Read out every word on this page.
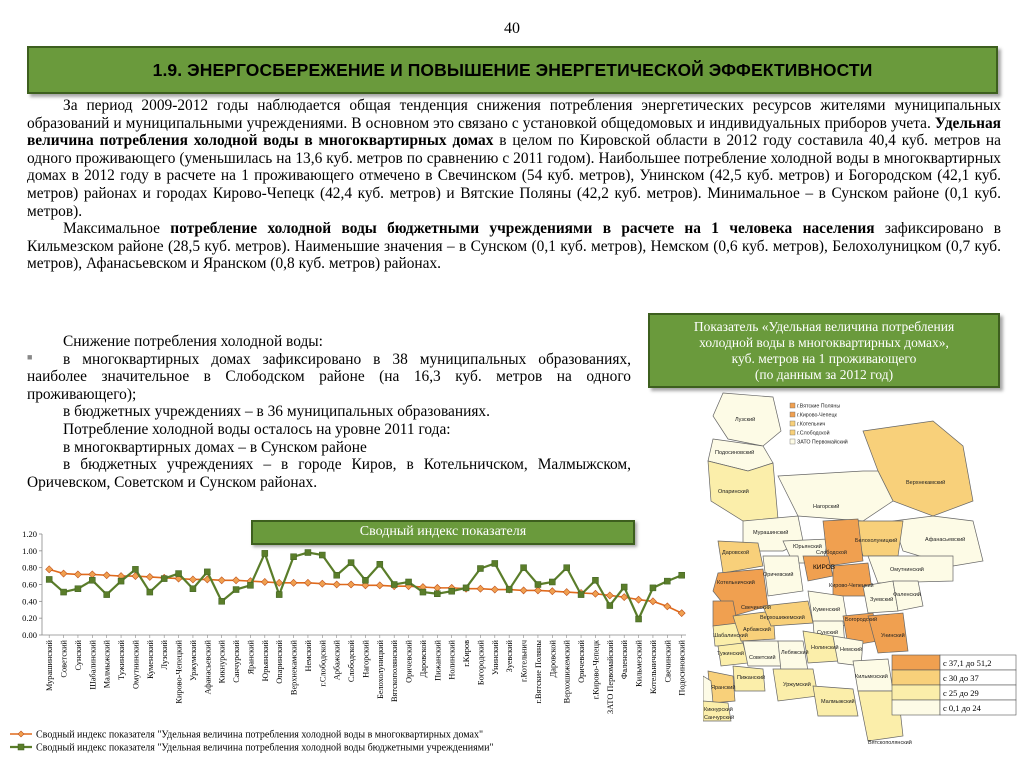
40
1.9. ЭНЕРГОСБЕРЕЖЕНИЕ И ПОВЫШЕНИЕ ЭНЕРГЕТИЧЕСКОЙ ЭФФЕКТИВНОСТИ

За период 2009-2012 годы наблюдается общая тенденция снижения потребления энергетических ресурсов жителями муниципальных образований и муниципальными учреждениями. В основном это связано с установкой общедомовых и индивидуальных приборов учета. Удельная величина потребления холодной воды в многоквартирных домах в целом по Кировской области в 2012 году составила 40,4 куб. метров на одного проживающего (уменьшилась на 13,6 куб. метров по сравнению с 2011 годом). Наибольшее потребление холодной воды в многоквартирных домах в 2012 году в расчете на 1 проживающего отмечено в Свечинском (54 куб. метров), Унинском (42,5 куб. метров) и Богородском (42,1 куб. метров) районах и городах Кирово-Чепецк (42,4 куб. метров) и Вятские Поляны (42,2 куб. метров). Минимальное – в Сунском районе (0,1 куб. метров).

Максимальное потребление холодной воды бюджетными учреждениями в расчете на 1 человека населения зафиксировано в Кильмезском районе (28,5 куб. метров). Наименьшие значения – в Сунском (0,1 куб. метров), Немском (0,6 куб. метров), Белохолуницком (0,7 куб. метров), Афанасьевском и Яранском (0,8 куб. метров) районах.

■

Снижение потребления холодной воды:

в многоквартирных домах зафиксировано в 38 муниципальных образованиях, наиболее значительное в Слободском районе (на 16,3 куб. метров на одного проживающего);

в бюджетных учреждениях – в 36 муниципальных образованиях.

Потребление холодной воды осталось на уровне 2011 года:

в многоквартирных домах – в Сунском районе

в бюджетных учреждениях – в городе Киров, в Котельничском, Малмыжском, Оричевском, Советском и Сунском районах.

Показатель «Удельная величина потребления
холодной воды в многоквартирных домах»,
куб. метров на 1 проживающего
(по данным за 2012 год)
Лузский
Подосиновский
Опаринский
Верхнекамский
Нагорский
Мурашинский
Афанасьевский
Юрьянский
Белохолуницкий
Слободской
Омутнинский
Даровской
Оричевский
КИРОВ
Котельничский	Кирово-Чепецкий
Зуевский
Фаленский
Куменский
Свечинский
Шабалинский
Арбажский
Верхошижемский
Сунский
Богородский
Унинский
Тужинский
Советский
Лебяжский
Нолинский Немский
Пижанский
Яранский
Кильмезский
Уржумский
Кикнурский
Санчурский
Малмыжский
Вятскополянский
г.Вятские Поляны
г.Кирово-Чепецк
г.Котельнич
г.Слободской
ЗАТО Первомайский
с 37,1 до 51,2
с 30 до 37
с 25 до 29
с 0,1 до 24
Сводный индекс показателя
1.20
1.00
0.80
0.60
0.40
0.20
0.00
Мурашинский Советский Сунский Шабалинский Малмыжский Тужинский Омутнинский Куменский Лузский Кирово-Чепецкий Уржумский Афанасьевский Кикнурский Санчурский Яранский Юрьянский Опаринский Верхнекамский Немский г.Слободской Арбажский Слободской Нагорский Белохолуницкий Вятскополянский Оричевский Даровской Пижанский Нолинский г.Киров Богородский Унинский Зуевский г.Котельнич г.Вятские Поляны Даровской Верхошижемский Оричевский г.Кирово-Чепецк ЗАТО Первомайский Фаленский Кильмезский Котельничский Свечинский Подосиновский
Сводный индекс показателя "Удельная величина потребления холодной воды в многоквартирных домах"
Сводный индекс показателя "Удельная величина потребления холодной воды бюджетными учреждениями"
